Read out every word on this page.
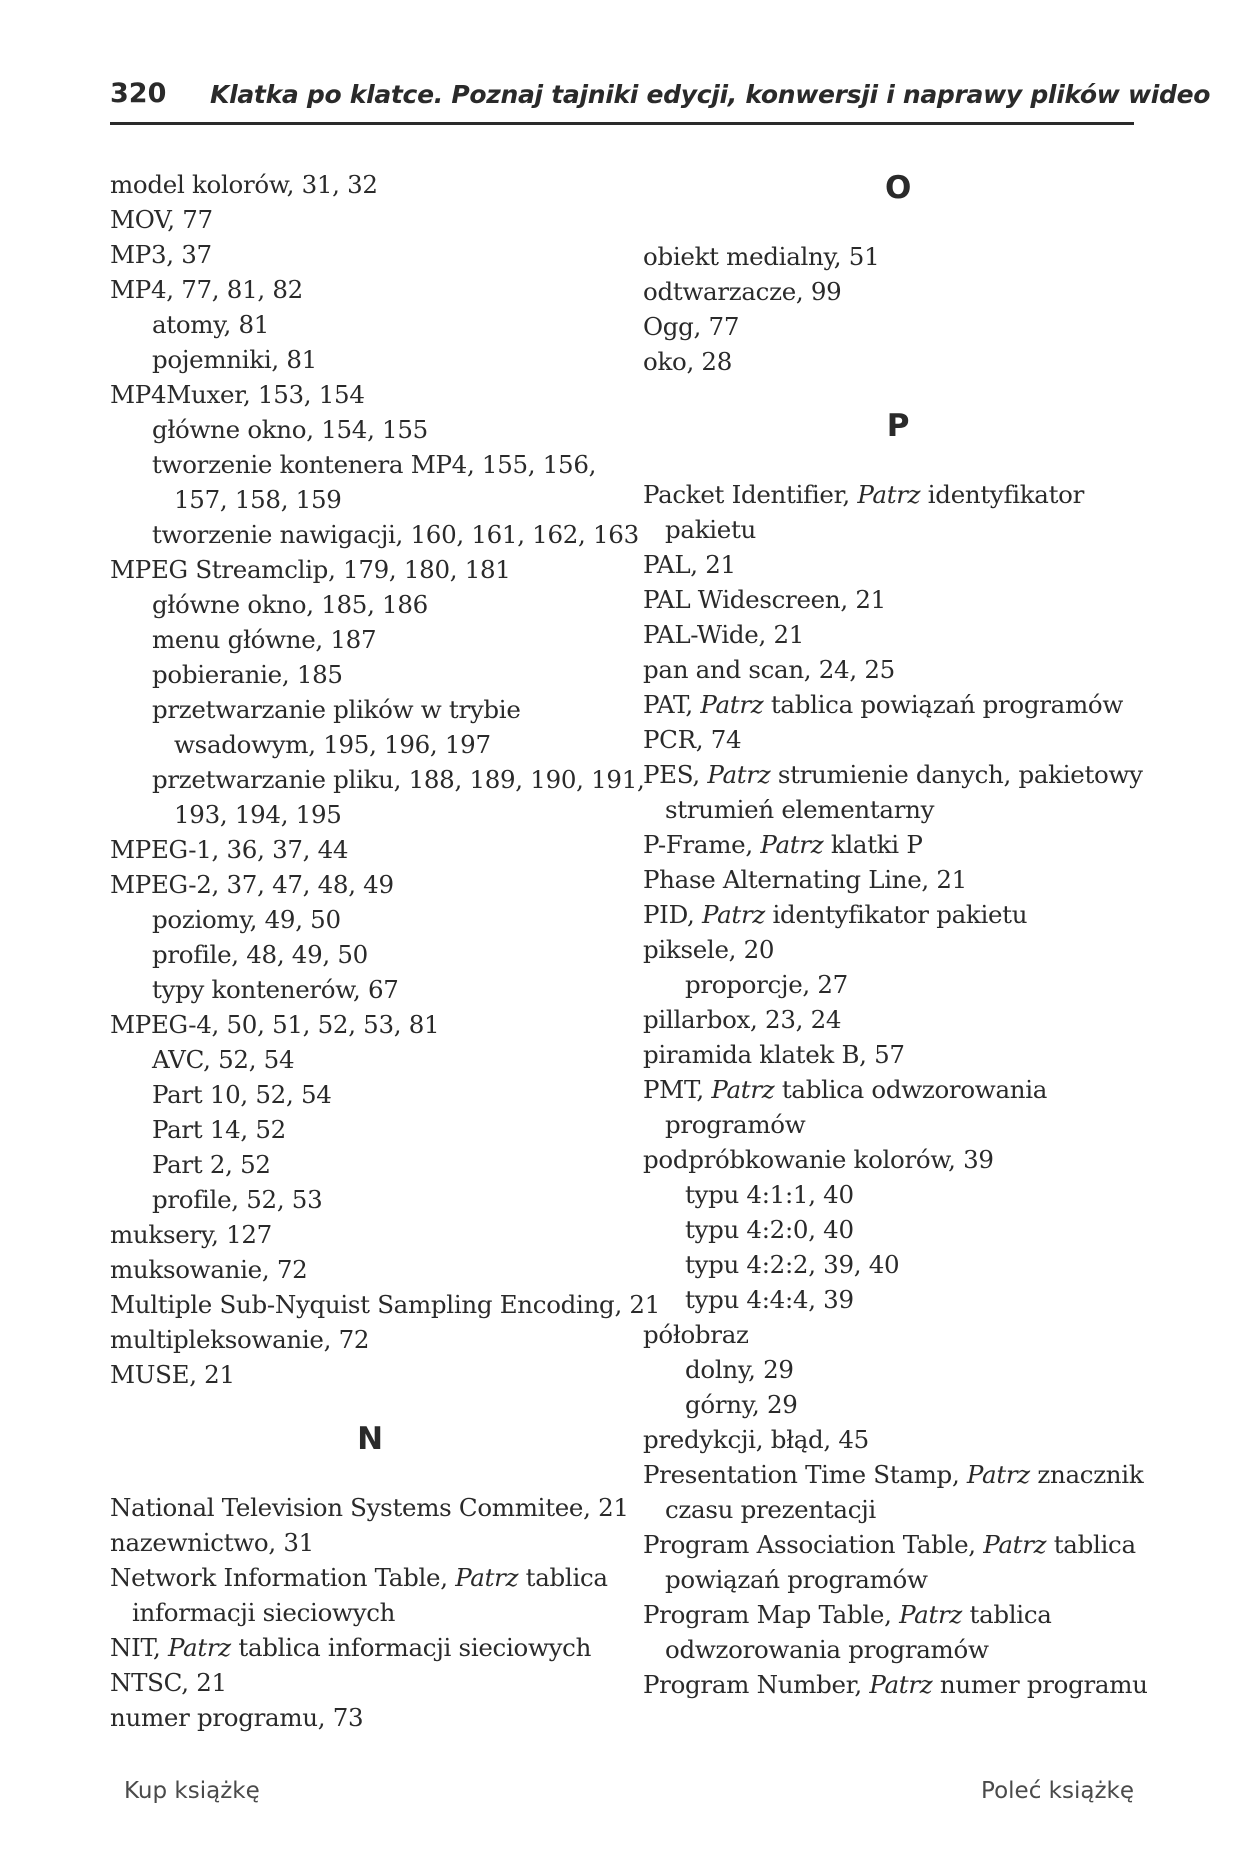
320 Klatka po klatce. Poznaj tajniki edycji, konwersji i naprawy plików wideo
model kolorów, 31, 32
MOV, 77
MP3, 37
MP4, 77, 81, 82
atomy, 81
pojemniki, 81
MP4Muxer, 153, 154
główne okno, 154, 155
tworzenie kontenera MP4, 155, 156,
157, 158, 159
tworzenie nawigacji, 160, 161, 162, 163
MPEG Streamclip, 179, 180, 181
główne okno, 185, 186
menu główne, 187
pobieranie, 185
przetwarzanie plików w trybie
wsadowym, 195, 196, 197
przetwarzanie pliku, 188, 189, 190, 191,
193, 194, 195
MPEG-1, 36, 37, 44
MPEG-2, 37, 47, 48, 49
poziomy, 49, 50
profile, 48, 49, 50
typy kontenerów, 67
MPEG-4, 50, 51, 52, 53, 81
AVC, 52, 54
Part 10, 52, 54
Part 14, 52
Part 2, 52
profile, 52, 53
muksery, 127
muksowanie, 72
Multiple Sub-Nyquist Sampling Encoding, 21
multipleksowanie, 72
MUSE, 21
N
National Television Systems Commitee, 21
nazewnictwo, 31
Network Information Table, Patrz tablica
informacji sieciowych
NIT, Patrz tablica informacji sieciowych
NTSC, 21
numer programu, 73
O
obiekt medialny, 51
odtwarzacze, 99
Ogg, 77
oko, 28
P
Packet Identifier, Patrz identyfikator
pakietu
PAL, 21
PAL Widescreen, 21
PAL-Wide, 21
pan and scan, 24, 25
PAT, Patrz tablica powiązań programów
PCR, 74
PES, Patrz strumienie danych, pakietowy
strumień elementarny
P-Frame, Patrz klatki P
Phase Alternating Line, 21
PID, Patrz identyfikator pakietu
piksele, 20
proporcje, 27
pillarbox, 23, 24
piramida klatek B, 57
PMT, Patrz tablica odwzorowania
programów
podpróbkowanie kolorów, 39
typu 4:1:1, 40
typu 4:2:0, 40
typu 4:2:2, 39, 40
typu 4:4:4, 39
półobraz
dolny, 29
górny, 29
predykcji, błąd, 45
Presentation Time Stamp, Patrz znacznik
czasu prezentacji
Program Association Table, Patrz tablica
powiązań programów
Program Map Table, Patrz tablica
odwzorowania programów
Program Number, Patrz numer programu
Kup książkę	Poleć książkę
